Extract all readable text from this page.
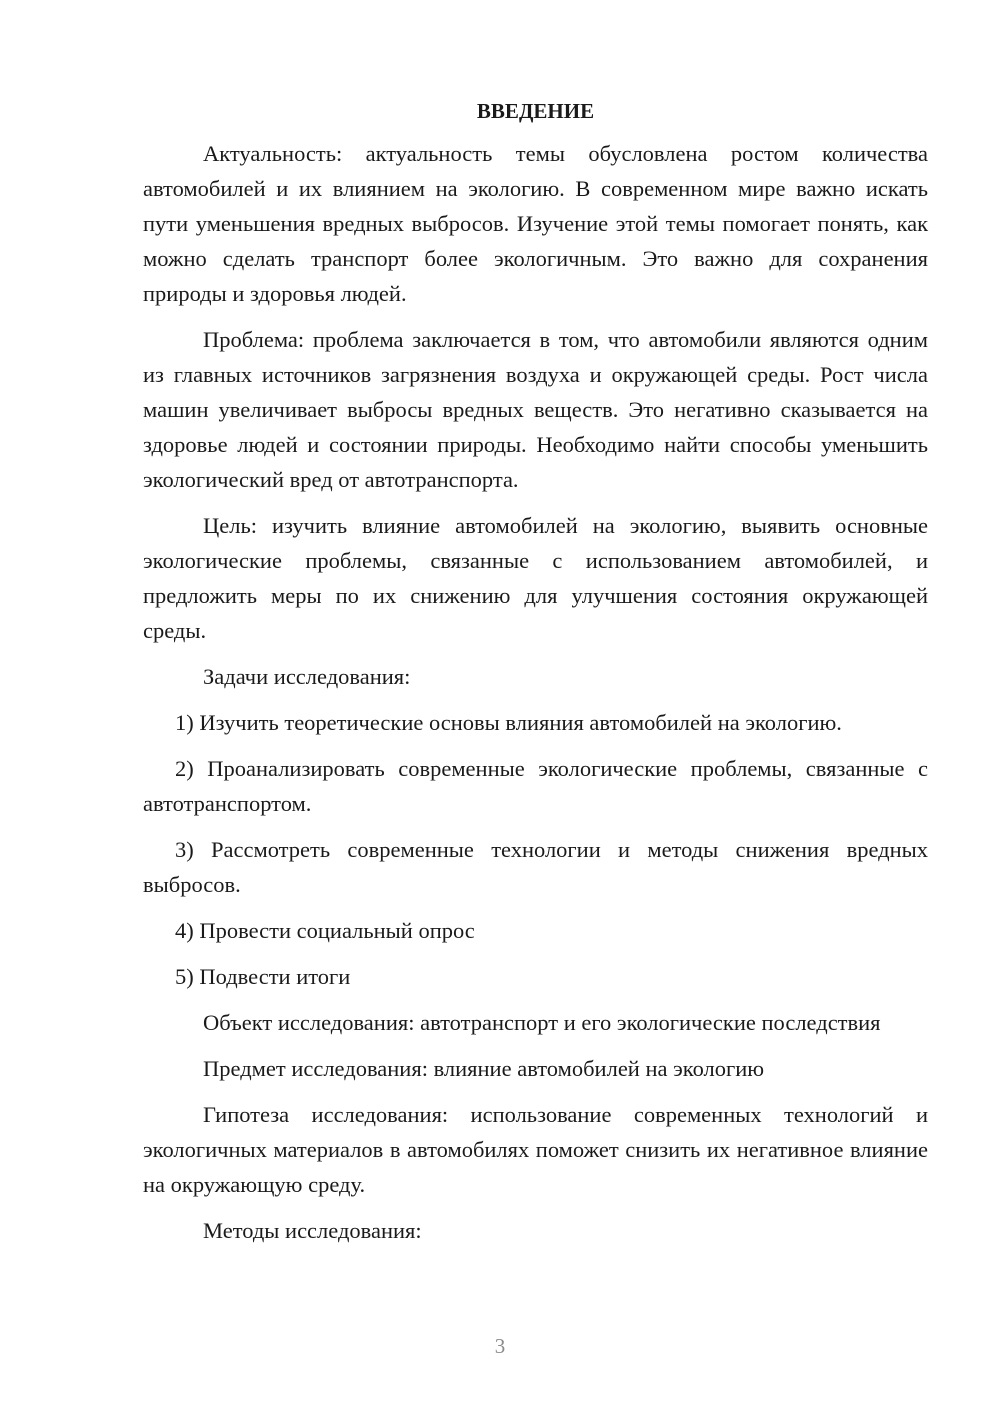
ВВЕДЕНИЕ

Актуальность: актуальность темы обусловлена ростом количества автомобилей и их влиянием на экологию. В современном мире важно искать пути уменьшения вредных выбросов. Изучение этой темы помогает понять, как можно сделать транспорт более экологичным. Это важно для сохранения природы и здоровья людей.

Проблема: проблема заключается в том, что автомобили являются одним из главных источников загрязнения воздуха и окружающей среды. Рост числа машин увеличивает выбросы вредных веществ. Это негативно сказывается на здоровье людей и состоянии природы. Необходимо найти способы уменьшить экологический вред от автотранспорта.

Цель: изучить влияние автомобилей на экологию, выявить основные экологические проблемы, связанные с использованием автомобилей, и предложить меры по их снижению для улучшения состояния окружающей среды.

Задачи исследования:

1) Изучить теоретические основы влияния автомобилей на экологию.

2) Проанализировать современные экологические проблемы, связанные с автотранспортом.

3) Рассмотреть современные технологии и методы снижения вредных выбросов.

4) Провести социальный опрос

5) Подвести итоги

Объект исследования: автотранспорт и его экологические последствия

Предмет исследования: влияние автомобилей на экологию

Гипотеза исследования: использование современных технологий и экологичных материалов в автомобилях поможет снизить их негативное влияние на окружающую среду.

Методы исследования:

3
